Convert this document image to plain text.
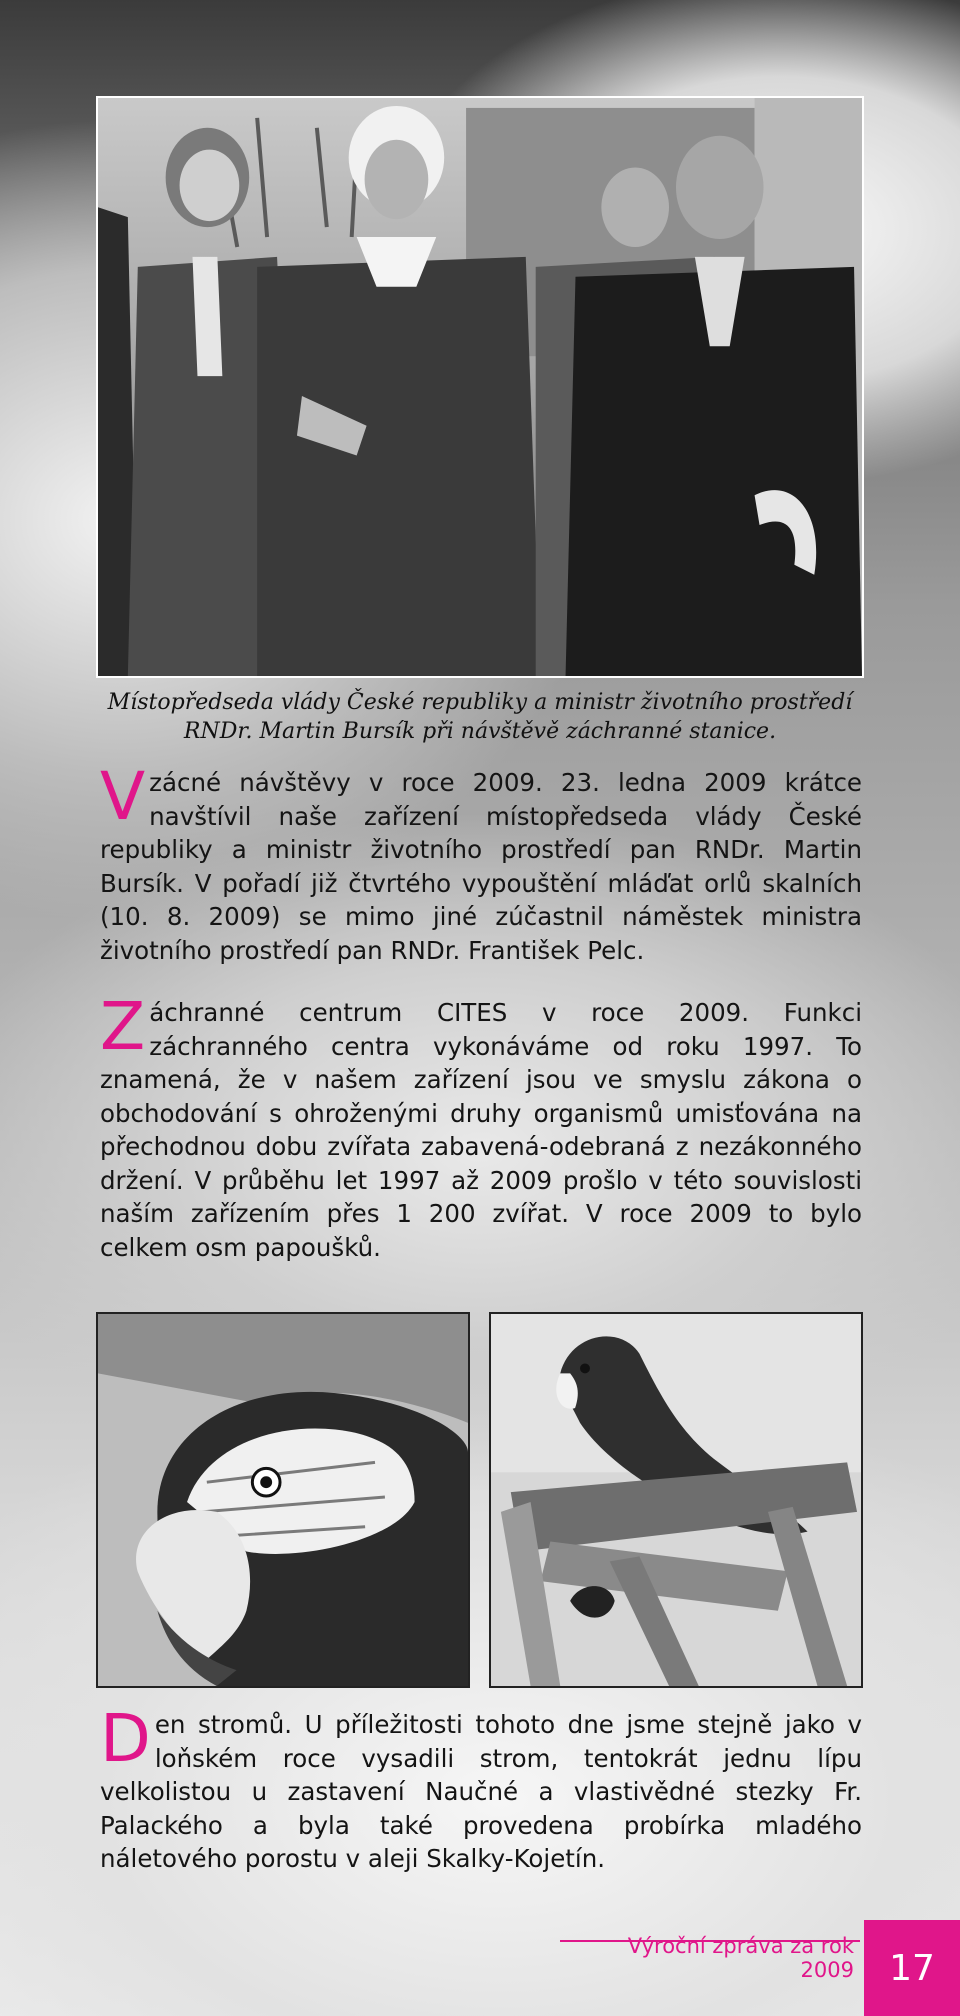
Místopředseda vlády České republiky a ministr životního prostředí
RNDr. Martin Bursík při návštěvě záchranné stanice.
Vzácné návštěvy v roce 2009. 23. ledna 2009 krátce navštívil naše zařízení místopředseda vlády České republiky a ministr životního prostředí pan RNDr. Martin Bursík. V pořadí již čtvrtého vypouštění mláďat orlů skalních (10. 8. 2009) se mimo jiné zúčastnil náměstek ministra životního prostředí pan RNDr. František Pelc.
Záchranné centrum CITES v roce 2009. Funkci záchranného centra vykonáváme od roku 1997. To znamená, že v našem zařízení jsou ve smyslu zákona o obchodování s ohroženými druhy organismů umisťována na přechodnou dobu zvířata zabavená-odebraná z nezákonného držení. V průběhu let 1997 až 2009 prošlo v této souvislosti naším zařízením přes 1 200 zvířat. V roce 2009 to bylo celkem osm papoušků.
Den stromů. U příležitosti tohoto dne jsme stejně jako v loňském roce vysadili strom, tentokrát jednu lípu velkolistou u zastavení Naučné a vlastivědné stezky Fr. Palackého a byla také provedena probírka mladého náletového porostu v aleji Skalky-Kojetín.
Výroční zpráva za rok 2009 17
